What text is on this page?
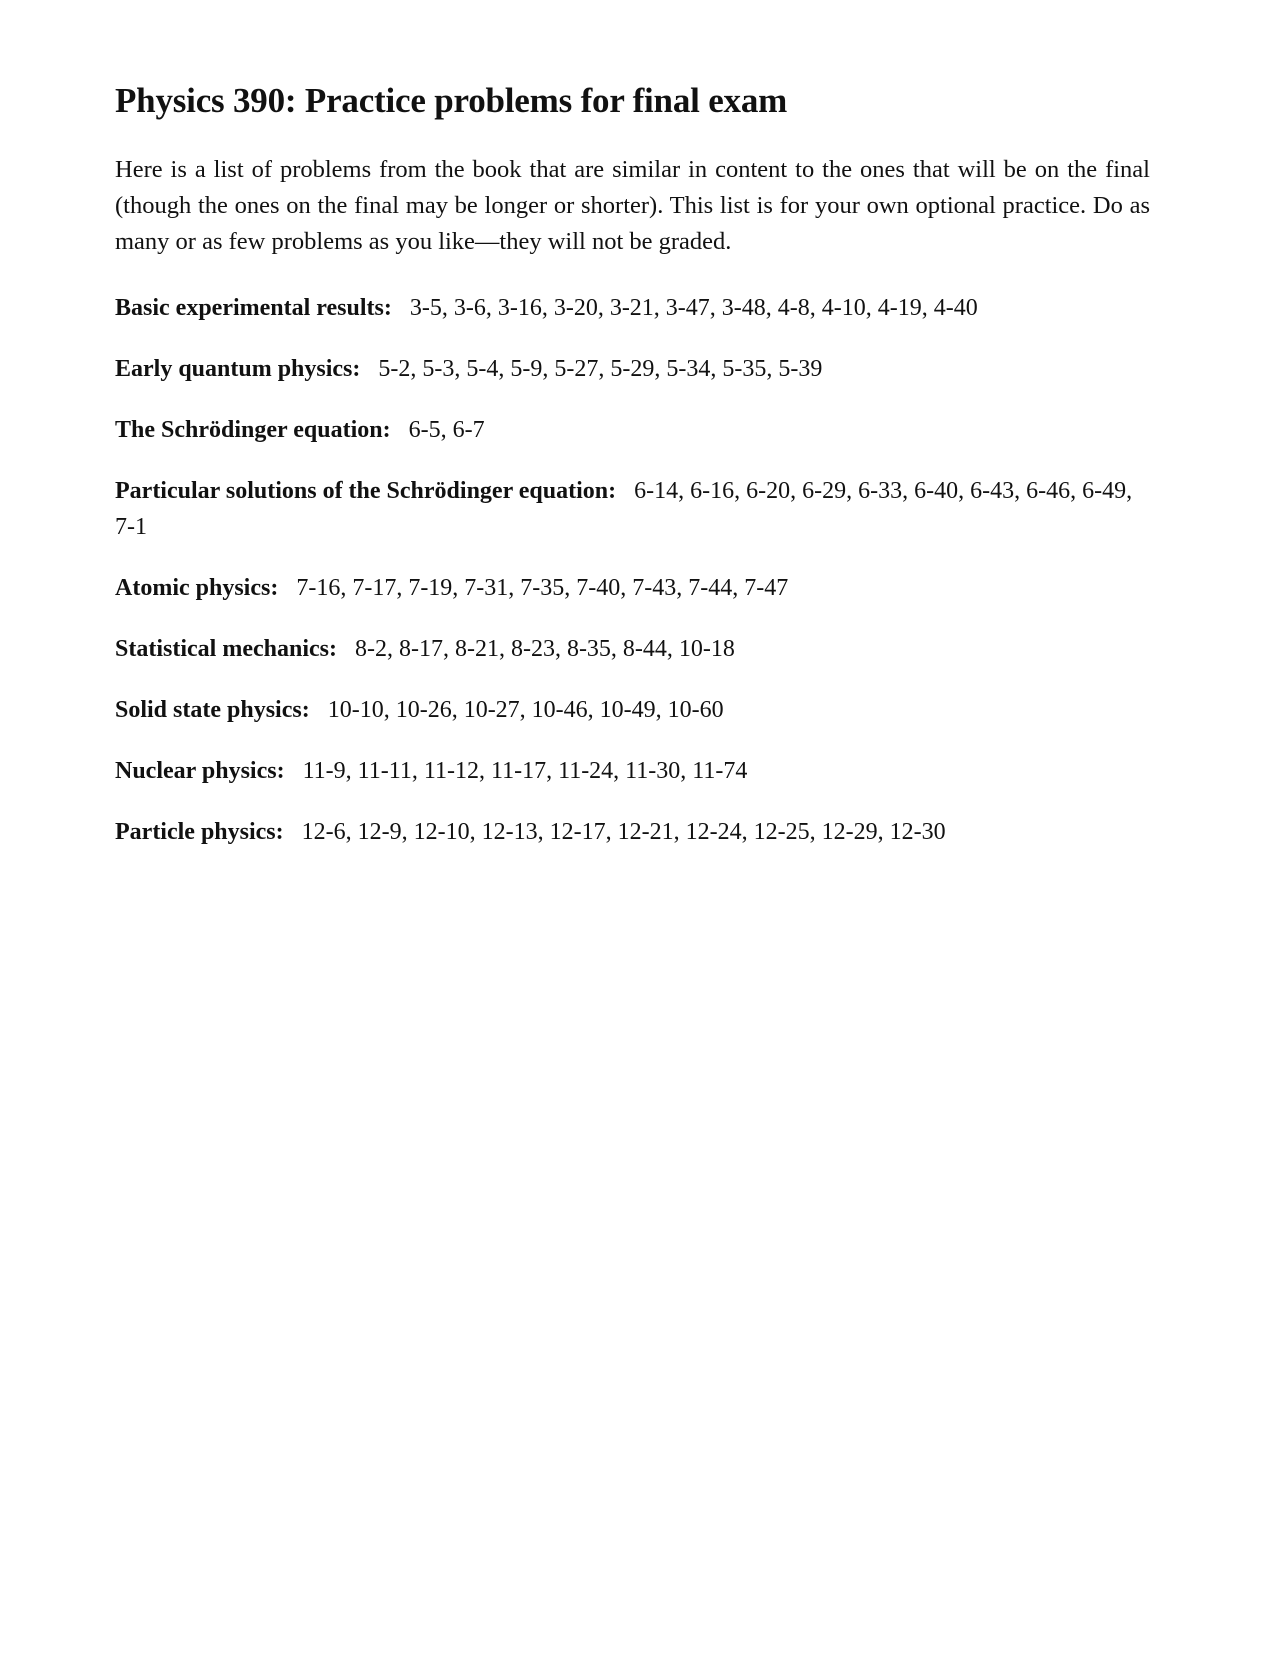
Physics 390: Practice problems for final exam

Here is a list of problems from the book that are similar in content to the ones that will be on the final (though the ones on the final may be longer or shorter). This list is for your own optional practice. Do as many or as few problems as you like—they will not be graded.

Basic experimental results: 3-5, 3-6, 3-16, 3-20, 3-21, 3-47, 3-48, 4-8, 4-10, 4-19, 4-40
Early quantum physics: 5-2, 5-3, 5-4, 5-9, 5-27, 5-29, 5-34, 5-35, 5-39
The Schrödinger equation: 6-5, 6-7
Particular solutions of the Schrödinger equation: 6-14, 6-16, 6-20, 6-29, 6-33, 6-40, 6-43, 6-46, 6-49, 7-1
Atomic physics: 7-16, 7-17, 7-19, 7-31, 7-35, 7-40, 7-43, 7-44, 7-47
Statistical mechanics: 8-2, 8-17, 8-21, 8-23, 8-35, 8-44, 10-18
Solid state physics: 10-10, 10-26, 10-27, 10-46, 10-49, 10-60
Nuclear physics: 11-9, 11-11, 11-12, 11-17, 11-24, 11-30, 11-74
Particle physics: 12-6, 12-9, 12-10, 12-13, 12-17, 12-21, 12-24, 12-25, 12-29, 12-30
